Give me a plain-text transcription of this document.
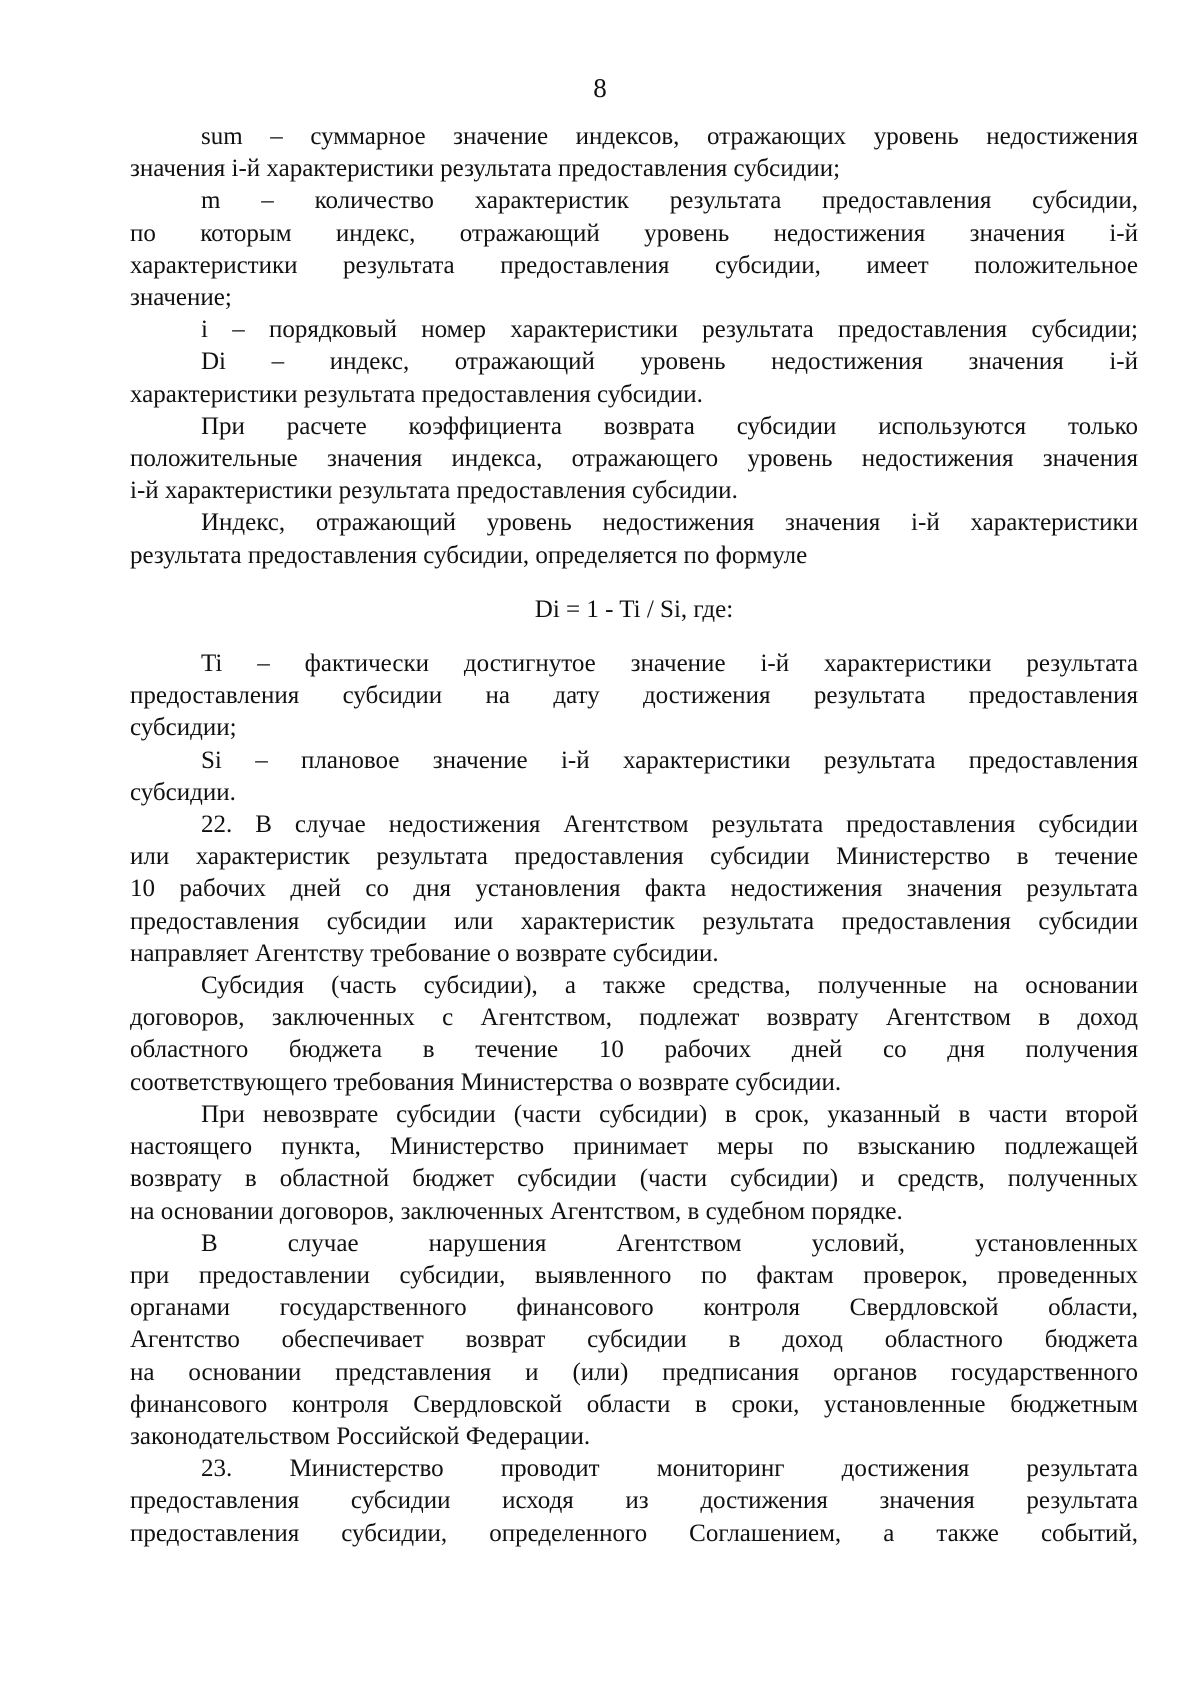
8
sum – суммарное значение индексов, отражающих уровень недостижения
значения i-й характеристики результата предоставления субсидии;
m – количество характеристик результата предоставления субсидии,
по которым индекс, отражающий уровень недостижения значения i-й
характеристики результата предоставления субсидии, имеет положительное
значение;
i – порядковый номер характеристики результата предоставления субсидии;
Di – индекс, отражающий уровень недостижения значения i-й
характеристики результата предоставления субсидии.
При расчете коэффициента возврата субсидии используются только
положительные значения индекса, отражающего уровень недостижения значения
i-й характеристики результата предоставления субсидии.
Индекс, отражающий уровень недостижения значения i-й характеристики
результата предоставления субсидии, определяется по формуле
Di = 1 - Ti / Si, где:
Ti – фактически достигнутое значение i-й характеристики результата
предоставления субсидии на дату достижения результата предоставления
субсидии;
Si – плановое значение i-й характеристики результата предоставления
субсидии.
22. В случае недостижения Агентством результата предоставления субсидии
или характеристик результата предоставления субсидии Министерство в течение
10 рабочих дней со дня установления факта недостижения значения результата
предоставления субсидии или характеристик результата предоставления субсидии
направляет Агентству требование о возврате субсидии.
Субсидия (часть субсидии), а также средства, полученные на основании
договоров, заключенных с Агентством, подлежат возврату Агентством в доход
областного бюджета в течение 10 рабочих дней со дня получения
соответствующего требования Министерства о возврате субсидии.
При невозврате субсидии (части субсидии) в срок, указанный в части второй
настоящего пункта, Министерство принимает меры по взысканию подлежащей
возврату в областной бюджет субсидии (части субсидии) и средств, полученных
на основании договоров, заключенных Агентством, в судебном порядке.
В случае нарушения Агентством условий, установленных
при предоставлении субсидии, выявленного по фактам проверок, проведенных
органами государственного финансового контроля Свердловской области,
Агентство обеспечивает возврат субсидии в доход областного бюджета
на основании представления и (или) предписания органов государственного
финансового контроля Свердловской области в сроки, установленные бюджетным
законодательством Российской Федерации.
23. Министерство проводит мониторинг достижения результата
предоставления субсидии исходя из достижения значения результата
предоставления субсидии, определенного Соглашением, а также событий,
